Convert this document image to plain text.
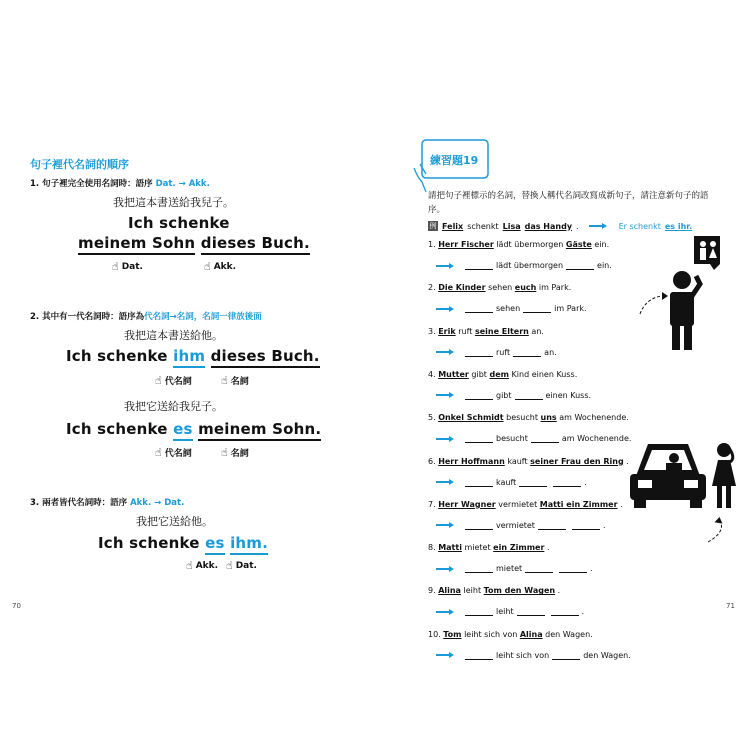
句子裡代名詞的順序
1. 句子裡完全使用名詞時：語序 Dat. → Akk.
我把這本書送給我兒子。
Ich schenke
meinem Sohn dieses Buch.
☝ Dat.	☝ Akk.
2. 其中有一代名詞時：語序為代名詞→名詞，名詞一律放後面
我把這本書送給他。
Ich schenke ihm dieses Buch.
☝ 代名詞	☝ 名詞
我把它送給我兒子。
Ich schenke es meinem Sohn.
☝ 代名詞	☝ 名詞
3. 兩者皆代名詞時：語序 Akk. → Dat.
我把它送給他。
Ich schenke es ihm.
☝ Akk. ☝ Dat.
70
練習題19
請把句子裡標示的名詞，替換人稱代名詞改寫成新句子，請注意新句子的語序。
例 Felix schenkt Lisa das Handy .	Er schenkt es ihr.
1. Herr Fischer lädt übermorgen Gäste ein.
lädt übermorgen	ein.
2. Die Kinder sehen euch im Park.
sehen	im Park.
3. Erik ruft seine Eltern an.
ruft	an.
4. Mutter gibt dem Kind einen Kuss.
gibt	einen Kuss.
5. Onkel Schmidt besucht uns am Wochenende.
besucht	am Wochenende.
6. Herr Hoffmann kauft seiner Frau den Ring .
kauft	.
7. Herr Wagner vermietet Matti ein Zimmer .
vermietet	.
8. Matti mietet ein Zimmer .
mietet	.
9. Alina leiht Tom den Wagen .
leiht	.
10. Tom leiht sich von Alina den Wagen.
leiht sich von	den Wagen.
71
